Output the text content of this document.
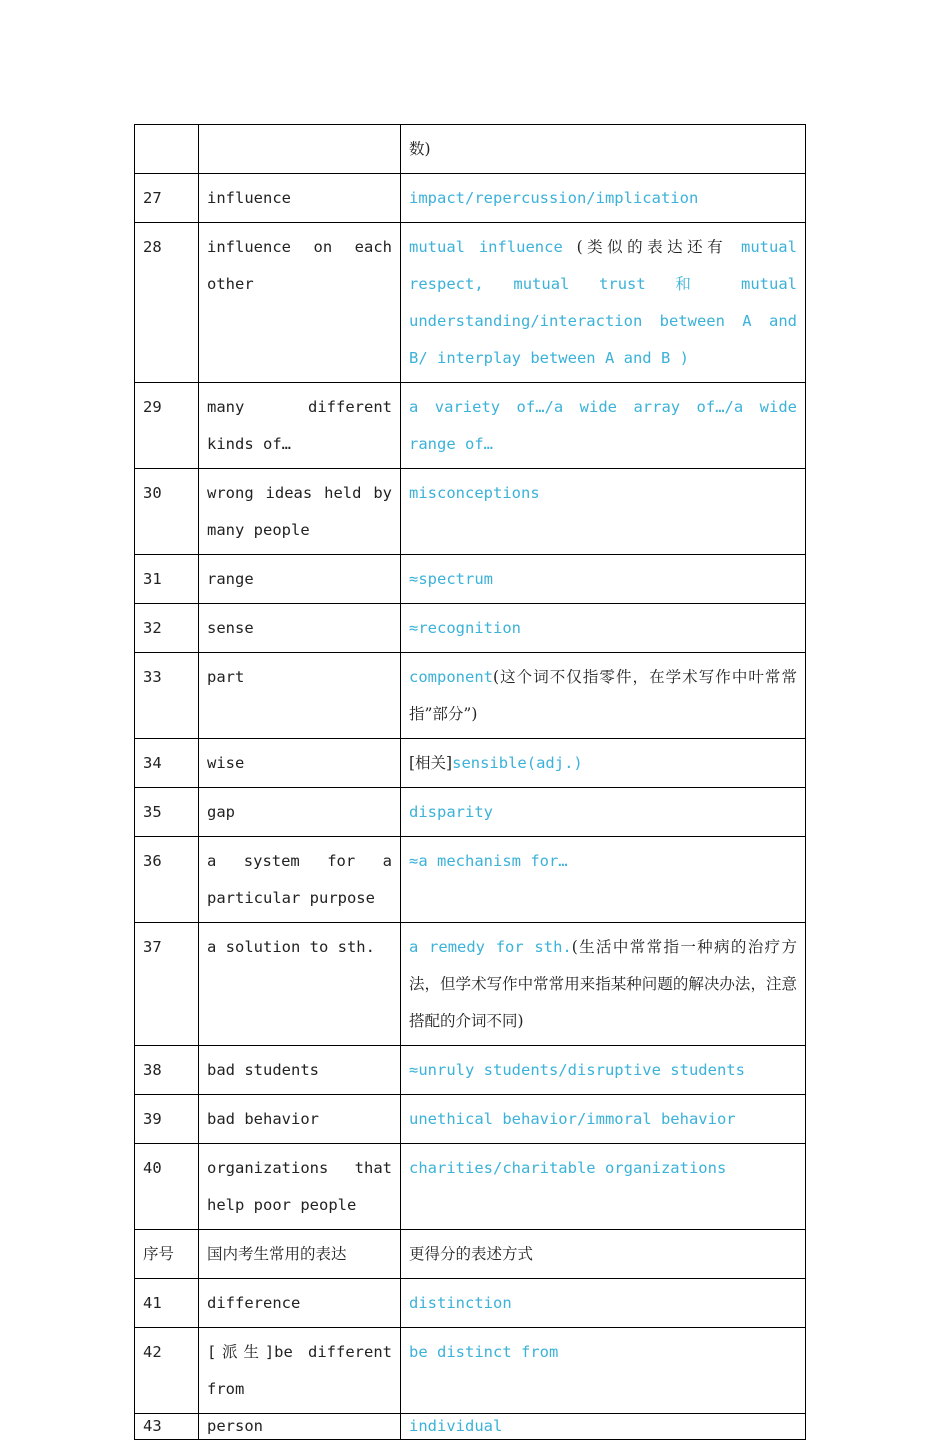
		数)
27	influence	impact/repercussion/implication
28	influence on each other	mutual influence (类似的表达还有 mutual respect, mutual trust 和 mutual understanding/interaction between A and B/ interplay between A and B )
29	many different kinds of…	a variety of…/a wide array of…/a wide range of…
30	wrong ideas held by many people	misconceptions
31	range	≈spectrum
32	sense	≈recognition
33	part	component(这个词不仅指零件，在学术写作中叶常常指”部分”)
34	wise	[相关]sensible(adj.)
35	gap	disparity
36	a system for a particular purpose	≈a mechanism for…
37	a solution to sth.	a remedy for sth.(生活中常常指一种病的治疗方法，但学术写作中常常用来指某种问题的解决办法，注意搭配的介词不同)
38	bad students	≈unruly students/disruptive students
39	bad behavior	unethical behavior/immoral behavior
40	organizations that help poor people	charities/charitable organizations
序号	国内考生常用的表达	更得分的表述方式
41	difference	distinction
42	[派生]be different from	be distinct from
43	person	individual
